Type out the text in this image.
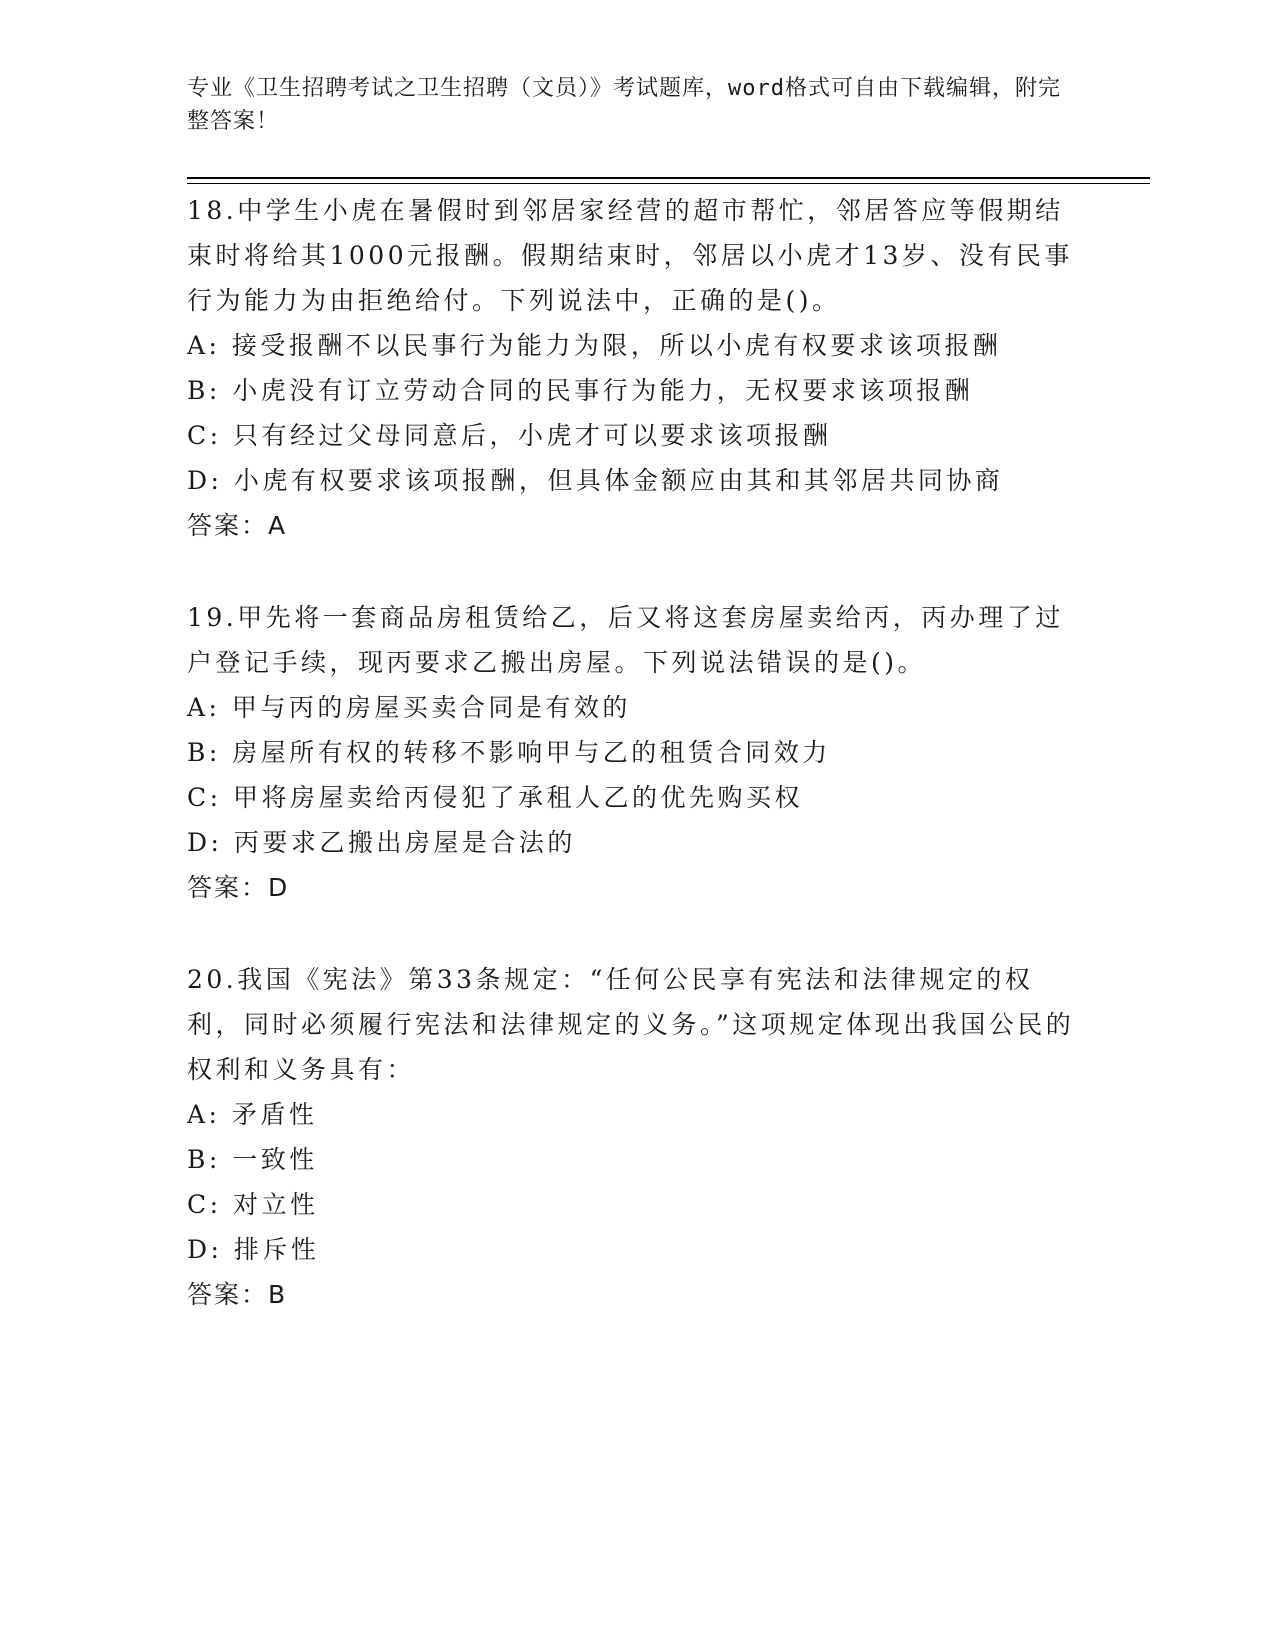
专业《卫生招聘考试之卫生招聘（文员）》考试题库，word格式可自由下载编辑，附完整答案！

18.中学生小虎在暑假时到邻居家经营的超市帮忙，邻居答应等假期结束时将给其1000元报酬。假期结束时，邻居以小虎才13岁、没有民事行为能力为由拒绝给付。下列说法中，正确的是()。

A: 接受报酬不以民事行为能力为限，所以小虎有权要求该项报酬

B: 小虎没有订立劳动合同的民事行为能力，无权要求该项报酬

C: 只有经过父母同意后，小虎才可以要求该项报酬

D: 小虎有权要求该项报酬，但具体金额应由其和其邻居共同协商

答案：A

19.甲先将一套商品房租赁给乙，后又将这套房屋卖给丙，丙办理了过户登记手续，现丙要求乙搬出房屋。下列说法错误的是()。

A: 甲与丙的房屋买卖合同是有效的

B: 房屋所有权的转移不影响甲与乙的租赁合同效力

C: 甲将房屋卖给丙侵犯了承租人乙的优先购买权

D: 丙要求乙搬出房屋是合法的

答案：D

20.我国《宪法》第33条规定：“任何公民享有宪法和法律规定的权利，同时必须履行宪法和法律规定的义务。”这项规定体现出我国公民的权利和义务具有：

A: 矛盾性

B: 一致性

C: 对立性

D: 排斥性

答案：B
